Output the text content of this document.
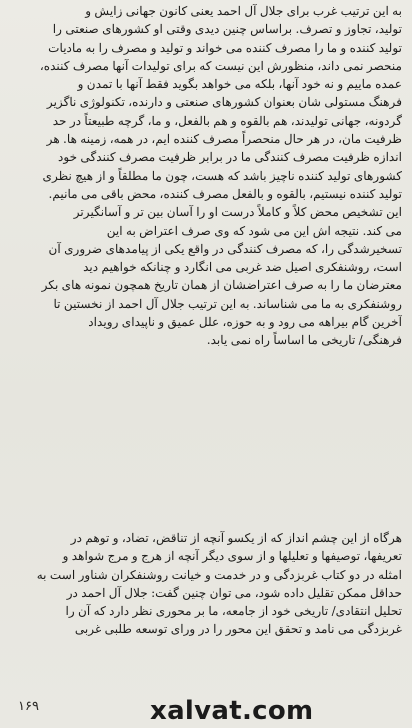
به این ترتیب غرب برای جلال آل احمد یعنی کانون جهانی زایش و
تولید، تجاوز و تصرف. براساس چنین دیدی وقتی او کشورهای صنعتی را
تولید کننده و ما را مصرف کننده می خواند و تولید و مصرف را به مادیات
منحصر نمی داند، منظورش این نیست که برای تولیدات آنها مصرف کننده،
عمده ماییم و نه خود آنها، بلکه می خواهد بگوید فقط آنها با تمدن و
فرهنگ مستولی شان بعنوان کشورهای صنعتی و دارنده، تکنولوژی ناگزیر
گردونه، جهانی تولیدند، هم بالقوه و هم بالفعل، و ما، گرچه طبیعتاً در حد
ظرفیت مان، در هر حال منحصراً مصرف کننده ایم، در همه، زمینه ها. هر
اندازه ظرفیت مصرف کنندگی ما در برابر ظرفیت مصرف کنندگی خود
کشورهای تولید کننده ناچیز باشد که هست، چون ما مطلقاً و از هیچ نظری
تولید کننده نیستیم، بالقوه و بالفعل مصرف کننده، محض باقی می مانیم.
این تشخیص محض کلاً و کاملاً درست او را آسان بین تر و آسانگیرتر
می کند. نتیجه اش این می شود که وی صرف اعتراض به این
تسخیرشدگی را، که مصرف کنندگی در واقع یکی از پیامدهای ضروری آن
است، روشنفکری اصیل ضد غربی می انگارد و چنانکه خواهیم دید
معترضان ما را به صرف اعتراضشان از همان تاریخ همچون نمونه های بکر
روشنفکری به ما می شناساند. به این ترتیب جلال آل احمد از نخستین تا
آخرین گام بیراهه می رود و به حوزه، علل عمیق و ناپیدای رویداد
فرهنگی/ تاریخی ما اساساً راه نمی یابد.
هرگاه از این چشم انداز که از یکسو آنچه از تناقض، تضاد، و توهم در
تعریفها، توصیفها و تعلیلها و از سوی دیگر آنچه از هرج و مرج شواهد و
امثله در دو کتاب غربزدگی و در خدمت و خیانت روشنفکران شناور است به
حداقل ممکن تقلیل داده شود، می توان چنین گفت: جلال آل احمد در
تحلیل انتقادی/ تاریخی خود از جامعه، ما بر محوری نظر دارد که آن را
غربزدگی می نامد و تحقق این محور را در ورای توسعه طلبی غربی
۱۶۹	xalvat.com
